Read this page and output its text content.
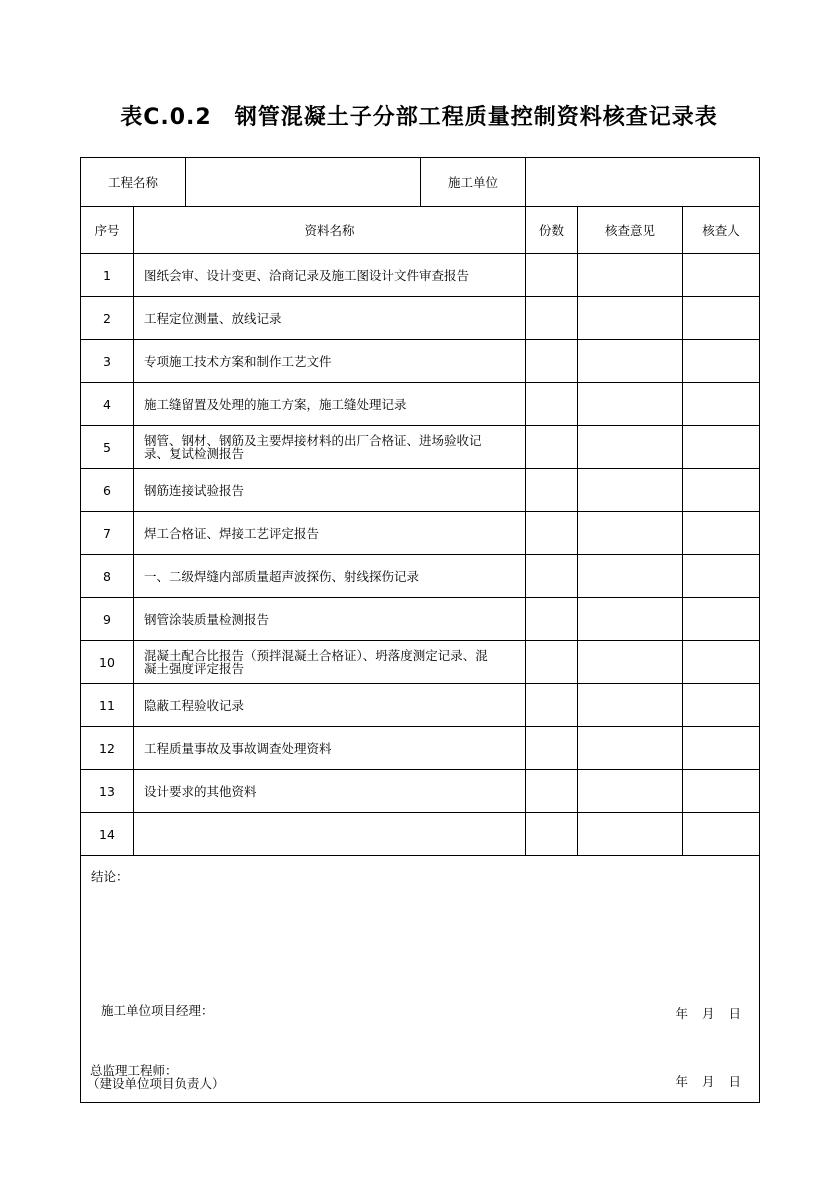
表C.0.2　钢管混凝土子分部工程质量控制资料核查记录表
工程名称	施工单位
序号	资料名称	份数	核查意见	核查人
1	图纸会审、设计变更、洽商记录及施工图设计文件审查报告
2	工程定位测量、放线记录
3	专项施工技术方案和制作工艺文件
4	施工缝留置及处理的施工方案，施工缝处理记录
5	钢管、钢材、钢筋及主要焊接材料的出厂合格证、进场验收记录、复试检测报告
6	钢筋连接试验报告
7	焊工合格证、焊接工艺评定报告
8	一、二级焊缝内部质量超声波探伤、射线探伤记录
9	钢管涂装质量检测报告
10	混凝土配合比报告（预拌混凝土合格证）、坍落度测定记录、混凝土强度评定报告
11	隐蔽工程验收记录
12	工程质量事故及事故调查处理资料
13	设计要求的其他资料
14
结论：
施工单位项目经理：	年 月 日
总监理工程师：
（建设单位项目负责人）	年 月 日
